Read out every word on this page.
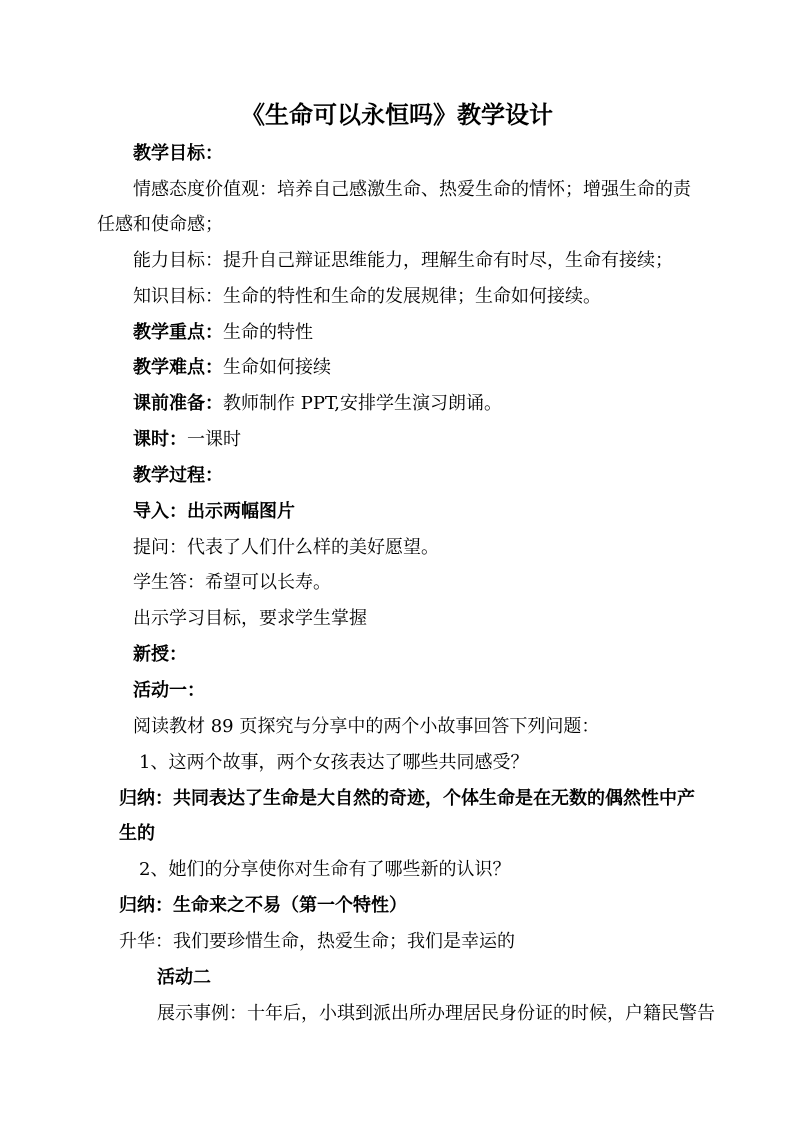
《生命可以永恒吗》教学设计
教学目标：
情感态度价值观：培养自己感激生命、热爱生命的情怀；增强生命的责
任感和使命感；
能力目标：提升自己辩证思维能力，理解生命有时尽，生命有接续；
知识目标：生命的特性和生命的发展规律；生命如何接续。
教学重点：生命的特性
教学难点：生命如何接续
课前准备：教师制作 PPT,安排学生演习朗诵。
课时：一课时
教学过程：
导入：出示两幅图片
提问：代表了人们什么样的美好愿望。
学生答：希望可以长寿。
出示学习目标，要求学生掌握
新授：
活动一：
阅读教材 89 页探究与分享中的两个小故事回答下列问题：
1、这两个故事，两个女孩表达了哪些共同感受？
归纳：共同表达了生命是大自然的奇迹，个体生命是在无数的偶然性中产
生的
2、她们的分享使你对生命有了哪些新的认识？
归纳：生命来之不易（第一个特性）
升华：我们要珍惜生命，热爱生命；我们是幸运的
活动二
展示事例：十年后，小琪到派出所办理居民身份证的时候，户籍民警告
